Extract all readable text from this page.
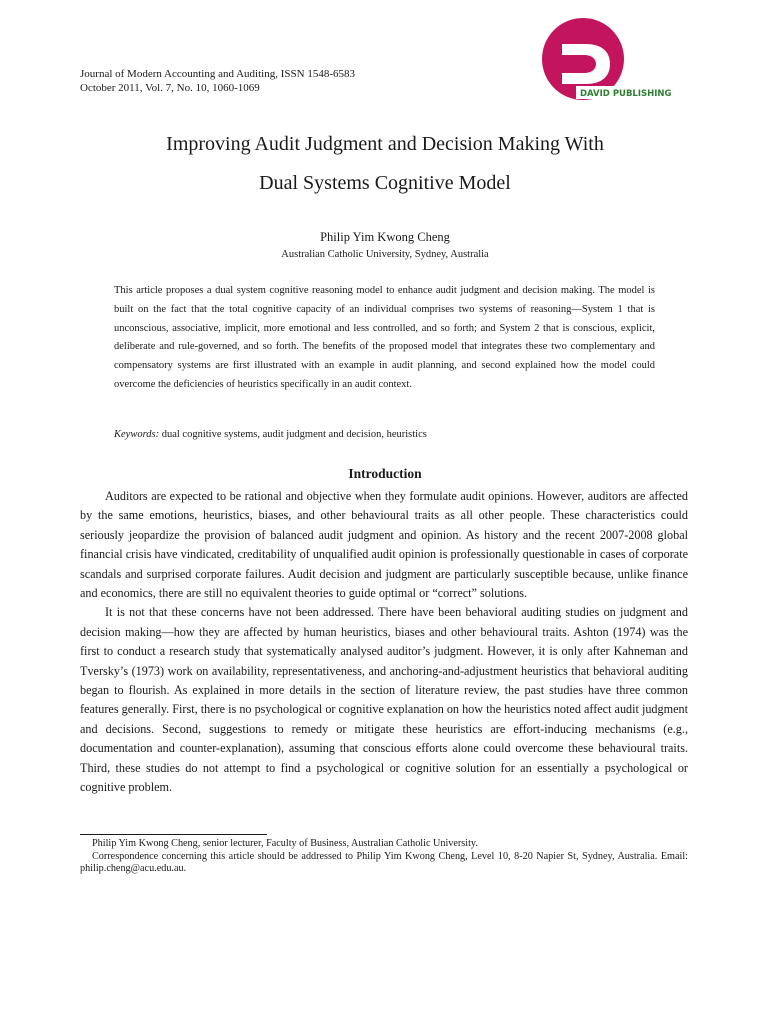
Journal of Modern Accounting and Auditing, ISSN 1548-6583
October 2011, Vol. 7, No. 10, 1060-1069
DAVID PUBLISHING
Improving Audit Judgment and Decision Making With
Dual Systems Cognitive Model
Philip Yim Kwong Cheng
Australian Catholic University, Sydney, Australia
This article proposes a dual system cognitive reasoning model to enhance audit judgment and decision making. The model is built on the fact that the total cognitive capacity of an individual comprises two systems of reasoning—System 1 that is unconscious, associative, implicit, more emotional and less controlled, and so forth; and System 2 that is conscious, explicit, deliberate and rule-governed, and so forth. The benefits of the proposed model that integrates these two complementary and compensatory systems are first illustrated with an example in audit planning, and second explained how the model could overcome the deficiencies of heuristics specifically in an audit context.
Keywords: dual cognitive systems, audit judgment and decision, heuristics
Introduction

Auditors are expected to be rational and objective when they formulate audit opinions. However, auditors are affected by the same emotions, heuristics, biases, and other behavioural traits as all other people. These characteristics could seriously jeopardize the provision of balanced audit judgment and opinion. As history and the recent 2007-2008 global financial crisis have vindicated, creditability of unqualified audit opinion is professionally questionable in cases of corporate scandals and surprised corporate failures. Audit decision and judgment are particularly susceptible because, unlike finance and economics, there are still no equivalent theories to guide optimal or “correct” solutions.

It is not that these concerns have not been addressed. There have been behavioral auditing studies on judgment and decision making—how they are affected by human heuristics, biases and other behavioural traits. Ashton (1974) was the first to conduct a research study that systematically analysed auditor’s judgment. However, it is only after Kahneman and Tversky’s (1973) work on availability, representativeness, and anchoring-and-adjustment heuristics that behavioral auditing began to flourish. As explained in more details in the section of literature review, the past studies have three common features generally. First, there is no psychological or cognitive explanation on how the heuristics noted affect audit judgment and decisions. Second, suggestions to remedy or mitigate these heuristics are effort-inducing mechanisms (e.g., documentation and counter-explanation), assuming that conscious efforts alone could overcome these behavioural traits. Third, these studies do not attempt to find a psychological or cognitive solution for an essentially a psychological or cognitive problem.

Philip Yim Kwong Cheng, senior lecturer, Faculty of Business, Australian Catholic University.

Correspondence concerning this article should be addressed to Philip Yim Kwong Cheng, Level 10, 8-20 Napier St, Sydney, Australia. Email: philip.cheng@acu.edu.au.
